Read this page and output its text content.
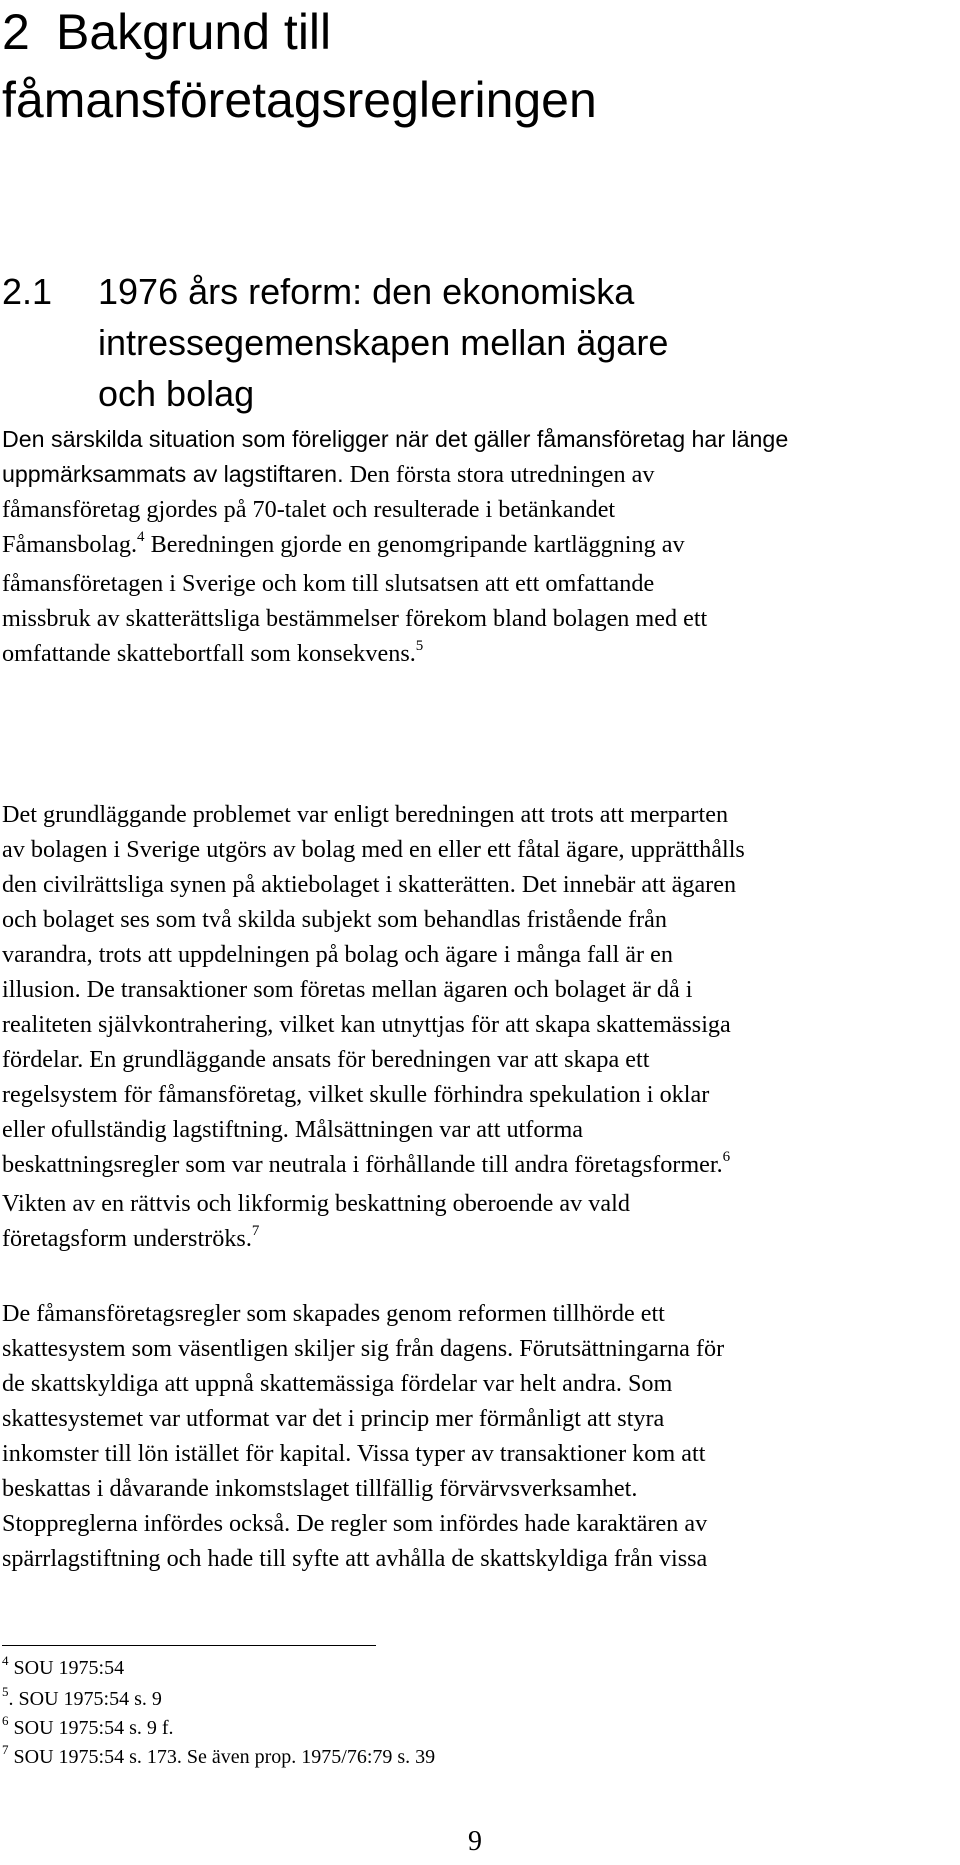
2 Bakgrund till
fåmansföretagsregleringen
2.1 1976 års reform: den ekonomiska
intressegemenskapen mellan ägare
och bolag

Den särskilda situation som föreligger när det gäller fåmansföretag har länge
uppmärksammats av lagstiftaren. Den första stora utredningen av
fåmansföretag gjordes på 70-talet och resulterade i betänkandet
Fåmansbolag.$^4$ Beredningen gjorde en genomgripande kartläggning av
fåmansföretagen i Sverige och kom till slutsatsen att ett omfattande
missbruk av skatterättsliga bestämmelser förekom bland bolagen med ett
omfattande skattebortfall som konsekvens.$^5$

Det grundläggande problemet var enligt beredningen att trots att merparten
av bolagen i Sverige utgörs av bolag med en eller ett fåtal ägare, upprätthålls
den civilrättsliga synen på aktiebolaget i skatterätten. Det innebär att ägaren
och bolaget ses som två skilda subjekt som behandlas fristående från
varandra, trots att uppdelningen på bolag och ägare i många fall är en
illusion. De transaktioner som företas mellan ägaren och bolaget är då i
realiteten självkontrahering, vilket kan utnyttjas för att skapa skattemässiga
fördelar. En grundläggande ansats för beredningen var att skapa ett
regelsystem för fåmansföretag, vilket skulle förhindra spekulation i oklar
eller ofullständig lagstiftning. Målsättningen var att utforma
beskattningsregler som var neutrala i förhållande till andra företagsformer.$^6$
Vikten av en rättvis och likformig beskattning oberoende av vald
företagsform underströks.$^7$

De fåmansföretagsregler som skapades genom reformen tillhörde ett
skattesystem som väsentligen skiljer sig från dagens. Förutsättningarna för
de skattskyldiga att uppnå skattemässiga fördelar var helt andra. Som
skattesystemet var utformat var det i princip mer förmånligt att styra
inkomster till lön istället för kapital. Vissa typer av transaktioner kom att
beskattas i dåvarande inkomstslaget tillfällig förvärvsverksamhet.
Stoppreglerna infördes också. De regler som infördes hade karaktären av
spärrlagstiftning och hade till syfte att avhålla de skattskyldiga från vissa

$^4$ SOU 1975:54

$^5$. SOU 1975:54 s. 9

$^6$ SOU 1975:54 s. 9 f.

$^7$ SOU 1975:54 s. 173. Se även prop. 1975/76:79 s. 39

9
